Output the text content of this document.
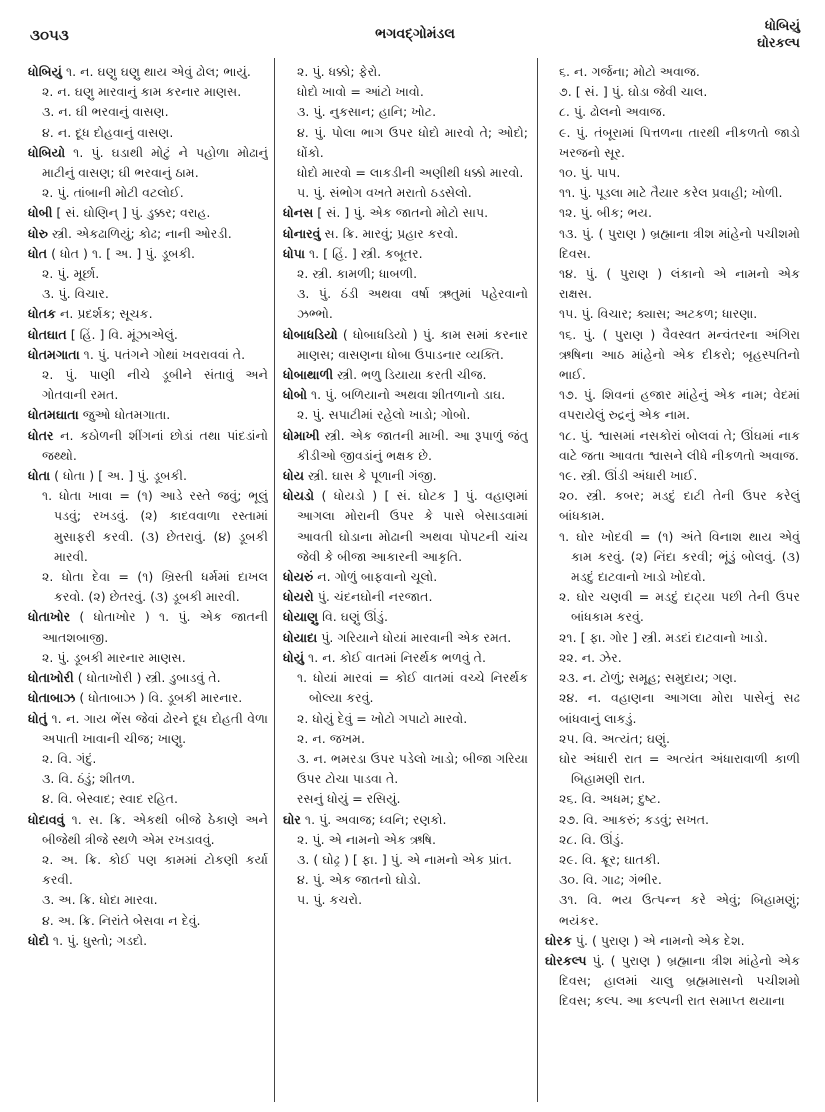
૩૦૫૩	ભગવદ્ગોમંડલ	ધોબિયું
ઘોરકલ્પ

ધોબિયું ૧. ન. ઘણુ ઘણુ થાય એવું ઢોલ; ભાયું.

૨. ન. ઘણુ મારવાનું કામ કરનાર માણસ.

૩. ન. ઘી ભરવાનું વાસણ.

૪. ન. દૂધ દોહવાનું વાસણ.

ધોબિયો ૧. પું. ઘડાથી મોટું ને પહોળા મોઢાનું માટીનું વાસણ; ઘી ભરવાનું ઠામ.

૨. પું. તાંબાની મોટી વટલોઈ.

ધોબી [ સં. ઘોણિન્ ] પું. ડુક્કર; વરાહ.

ધોરુ સ્ત્રી. એકઢાળિયું; કોઢ; નાની ઓરડી.

ધોત ( ધોત ) ૧. [ અ. ] પું. ડૂબકી.

૨. પું. મૂર્છા.

૩. પું. વિચાર.

ધોતક ન. પ્રદર્શક; સૂચક.

ધોતઘાત [ હિં. ] વિ. મૂંઝાએલું.

ધોતમગાતા ૧. પું. પતંગને ગોથાં ખવરાવવાં તે.

૨. પું. પાણી નીચે ડૂબીને સંતાવું અને ગોતવાની રમત.

ધોતમઘાતા જુઓ ધોતમગાતા.

ધોતર ન. કઠોળની શીંગનાં છોડાં તથા પાંદડાંનો જથ્થો.

ધોતા ( ધોતા ) [ અ. ] પું. ડૂબકી.

૧. ધોતા ખાવા = (૧) આડે રસ્તે જવું; ભૂલું પડવું; રખડવું. (૨) કાદવવાળા રસ્તામાં મુસાફરી કરવી. (૩) છેતરાવું. (૪) ડૂબકી મારવી.

૨. ધોતા દેવા = (૧) ખ્રિસ્તી ધર્મમાં દાખલ કરવો. (૨) છેતરવું. (૩) ડૂબકી મારવી.

ધોતાખોર ( ધોતાખોર ) ૧. પું. એક જાતની આતશબાજી.

૨. પું. ડૂબકી મારનાર માણસ.

ધોતાખોરી ( ધોતાખોરી ) સ્ત્રી. ડુબાડવું તે.

ધોતાબાઝ ( ધોતાબાઝ ) વિ. ડૂબકી મારનાર.

ધોતું ૧. ન. ગાય ભેંસ જેવાં ઢોરને દૂધ દોહતી વેળા અપાતી ખાવાની ચીજ; ખાણુ.

૨. વિ. ગંદું.

૩. વિ. ઠંડું; શીતળ.

૪. વિ. બેસ્વાદ; સ્વાદ રહિત.

ધોદાવવું ૧. સ. ક્રિ. એકથી બીજે ઠેકાણે અને બીજેથી ત્રીજે સ્થળે એમ રખડાવવું.

૨. અ. ક્રિ. કોઈ પણ કામમાં ટોકણી કર્યા કરવી.

૩. અ. ક્રિ. ધોદા મારવા.

૪. અ. ક્રિ. નિરાંતે બેસવા ન દેવું.

ધોદો ૧. પું. ધુસ્તો; ગડદો.

૨. પું. ધક્કો; ફેરો.

ધોદો ખાવો = આંટો ખાવો.

૩. પું. નુકસાન; હાનિ; ખોટ.

૪. પું. પોલા ભાગ ઉપર ધોદો મારવો તે; ઓદો; ધોંકો.

ધોદો મારવો = લાકડીની અણીથી ધક્કો મારવો.

૫. પું. સંભોગ વખતે મરાતો ઠડસેલો.

ધોનસ [ સં. ] પું. એક જાતનો મોટો સાપ.

ધોનારવું સ. ક્રિ. મારવું; પ્રહાર કરવો.

ધોપા ૧. [ હિં. ] સ્ત્રી. કબૂતર.

૨. સ્ત્રી. કામળી; ધાબળી.

૩. પું. ઠંડી અથવા વર્ષા ઋતુમાં પહેરવાનો ઝભ્ભો.

ધોબાધડિયો ( ધોબાધડિયો ) પું. કામ સમાં કરનાર માણસ; વાસણના ધોબા ઉપાડનાર વ્યક્તિ.

ધોબાથાળી સ્ત્રી. ભળુ ડિયાયા કરતી ચીજ.

ધોબો ૧. પું. બળિયાનો અથવા શીતળાનો ડાઘ.

૨. પું. સપાટીમાં રહેલો ખાડો; ગોબો.

ધોમાખી સ્ત્રી. એક જાતની માખી. આ રૂપાળું જંતુ કીડીઓ જીવડાંનું ભક્ષક છે.

ધોય સ્ત્રી. ઘાસ કે પૂળાની ગંજી.

ધોયડો ( ધોયડો ) [ સં. ઘોટક ] પું. વહાણમાં આગલા મોરાની ઉપર કે પાસે બેસાડવામાં આવતી ઘોડાના મોઢાની અથવા પોપટની ચાંચ જેવી કે બીજા આકારની આકૃતિ.

ધોયરું ન. ગોળું બાફવાનો ચૂલો.

ધોયરો પું. ચંદનઘોની નરજાત.

ધોયાણુ વિ. ઘણું ઊંડું.

ધોયાદા પું. ગરિયાને ધોયાં મારવાની એક રમત.

ધોયું ૧. ન. કોઈ વાતમાં નિરર્થક ભળવું તે.

૧. ધોયાં મારવાં = કોઈ વાતમાં વચ્ચે નિરર્થક બોલ્યા કરવું.

૨. ધોયું દેવું = ખોટો ગપાટો મારવો.

૨. ન. જખમ.

૩. ન. ભમરડા ઉપર પડેલો ખાડો; બીજા ગરિયા ઉપર ટોચા પાડવા તે.

રસનું ધોયું = રસિયું.

ઘોર ૧. પું. અવાજ; ધ્વનિ; રણકો.

૨. પું. એ નામનો એક ઋષિ.

૩. ( ઘોઢ્ર ) [ ફા. ] પું. એ નામનો એક પ્રાંત.

૪. પું. એક જાતનો ઘોડો.

૫. પું. કચરો.

૬. ન. ગર્જના; મોટો અવાજ.

૭. [ સં. ] પું. ઘોડા જેવી ચાલ.

૮. પું. ઢોલનો અવાજ.

૯. પું. તંબૂરામાં પિત્તળના તારથી નીકળતો જાડો ખરજનો સૂર.

૧૦. પું. પાપ.

૧૧. પું. પૂડલા માટે તૈયાર કરેલ પ્રવાહી; ખોળી.

૧૨. પું. બીક; ભય.

૧૩. પું. ( પુરાણ ) બ્રહ્માના ત્રીશ માંહેનો પચીશમો દિવસ.

૧૪. પું. ( પુરાણ ) લંકાનો એ નામનો એક રાક્ષસ.

૧૫. પું. વિચાર; ક્યાસ; અટકળ; ધારણા.

૧૬. પું. ( પુરાણ ) વૈવસ્વત મન્વંતરના અંગિરા ઋષિના આઠ માંહેનો એક દીકરો; બૃહસ્પતિનો ભાઈ.

૧૭. પું. શિવનાં હજાર માંહેનું એક નામ; વેદમાં વપરાયેલું રુદ્રનું એક નામ.

૧૮. પું. શ્વાસમાં નસકોરાં બોલવાં તે; ઊંઘમાં નાક વાટે જતા આવતા શ્વાસને લીધે નીકળતો અવાજ.

૧૯. સ્ત્રી. ઊંડી અંધારી ખાઈ.

૨૦. સ્ત્રી. કબર; મડદું દાટી તેની ઉપર કરેલું બાંધકામ.

૧. ઘોર ખોદવી = (૧) અંતે વિનાશ થાય એવું કામ કરવું. (૨) નિંદા કરવી; ભૂંડું બોલવું. (૩) મડદું દાટવાનો ખાડો ખોદવો.

૨. ઘોર ચણવી = મડદું દાટ્યા પછી તેની ઉપર બાંધકામ કરવું.

૨૧. [ ફા. ગોર ] સ્ત્રી. મડદાં દાટવાનો ખાડો.

૨૨. ન. ઝેર.

૨૩. ન. ટોળું; સમૂહ; સમુદાય; ગણ.

૨૪. ન. વહાણના આગલા મોરા પાસેનું સઢ બાંધવાનું લાકડું.

૨૫. વિ. અત્યંત; ઘણું.

ઘોર અંધારી રાત = અત્યંત અંધારાવાળી કાળી બિહામણી રાત.

૨૬. વિ. અધમ; દુષ્ટ.

૨૭. વિ. આકરું; કડવું; સખત.

૨૮. વિ. ઊંડું.

૨૯. વિ. ક્રૂર; ઘાતકી.

૩૦. વિ. ગાઢ; ગંભીર.

૩૧. વિ. ભય ઉત્પન્ન કરે એવું; બિહામણું; ભયંકર.

ઘોરક પું. ( પુરાણ ) એ નામનો એક દેશ.

ઘોરકલ્પ પું. ( પુરાણ ) બ્રહ્માના ત્રીશ માંહેનો એક દિવસ; હાલમાં ચાલુ બ્રહ્મમાસનો પચીશમો દિવસ; કલ્પ. આ કલ્પની રાત સમાપ્ત થયાના
